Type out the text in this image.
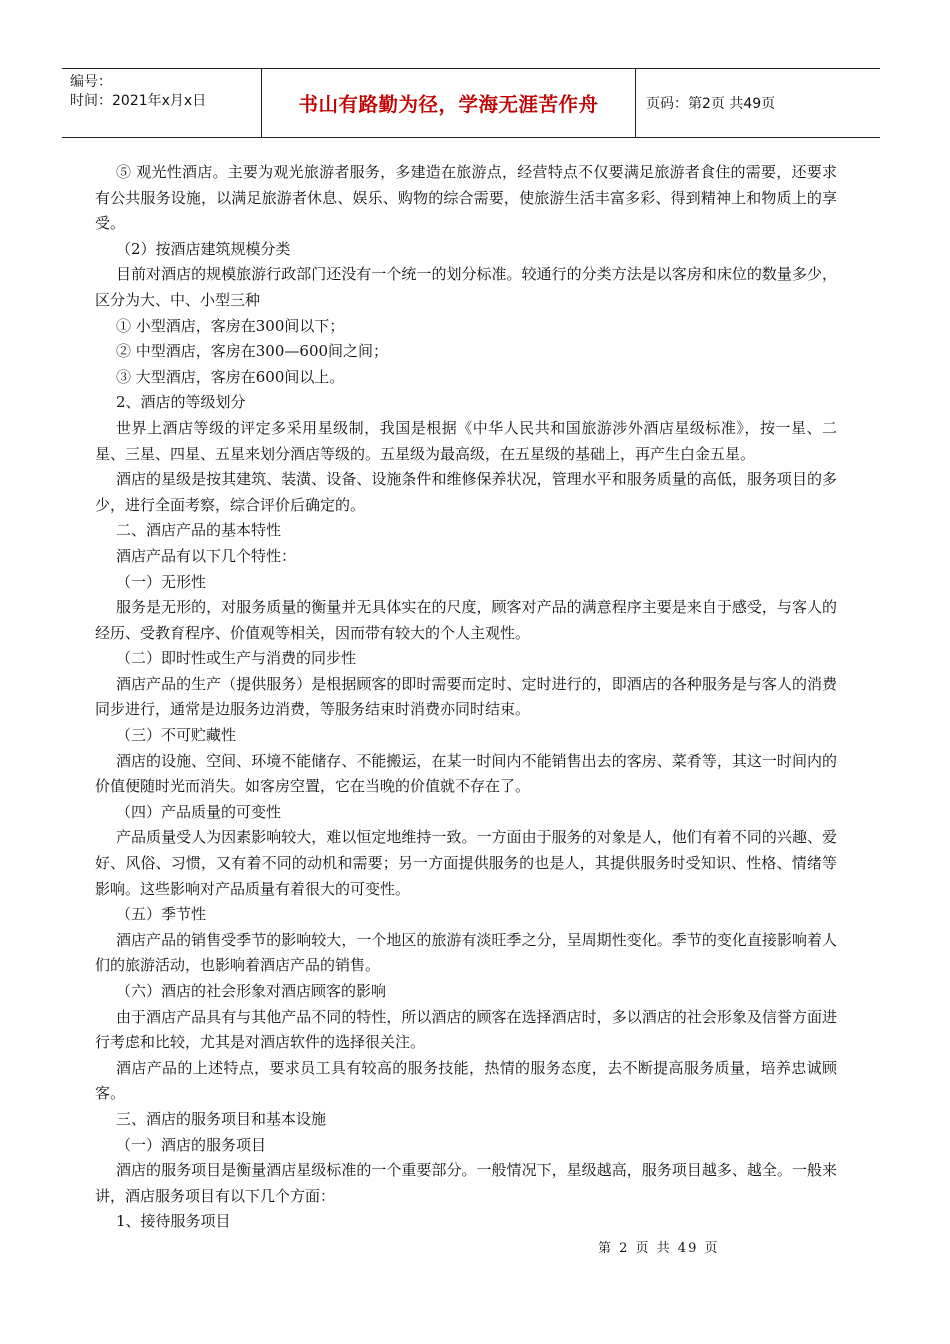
编号：
时间：2021年x月x日	书山有路勤为径，学海无涯苦作舟	页码：第2页 共49页

⑤ 观光性酒店。主要为观光旅游者服务，多建造在旅游点，经营特点不仅要满足旅游者食住的需要，还要求有公共服务设施，以满足旅游者休息、娱乐、购物的综合需要，使旅游生活丰富多彩、得到精神上和物质上的享受。

（2）按酒店建筑规模分类

目前对酒店的规模旅游行政部门还没有一个统一的划分标准。较通行的分类方法是以客房和床位的数量多少，区分为大、中、小型三种

① 小型酒店，客房在300间以下；

② 中型酒店，客房在300—600间之间；

③ 大型酒店，客房在600间以上。

2、酒店的等级划分

世界上酒店等级的评定多采用星级制，我国是根据《中华人民共和国旅游涉外酒店星级标准》，按一星、二星、三星、四星、五星来划分酒店等级的。五星级为最高级，在五星级的基础上，再产生白金五星。

酒店的星级是按其建筑、装潢、设备、设施条件和维修保养状况，管理水平和服务质量的高低，服务项目的多少，进行全面考察，综合评价后确定的。

二、酒店产品的基本特性

酒店产品有以下几个特性：

（一）无形性

服务是无形的，对服务质量的衡量并无具体实在的尺度，顾客对产品的满意程序主要是来自于感受，与客人的经历、受教育程序、价值观等相关，因而带有较大的个人主观性。

（二）即时性或生产与消费的同步性

酒店产品的生产（提供服务）是根据顾客的即时需要而定时、定时进行的，即酒店的各种服务是与客人的消费同步进行，通常是边服务边消费，等服务结束时消费亦同时结束。

（三）不可贮藏性

酒店的设施、空间、环境不能储存、不能搬运，在某一时间内不能销售出去的客房、菜肴等，其这一时间内的价值便随时光而消失。如客房空置，它在当晚的价值就不存在了。

（四）产品质量的可变性

产品质量受人为因素影响较大，难以恒定地维持一致。一方面由于服务的对象是人，他们有着不同的兴趣、爱好、风俗、习惯，又有着不同的动机和需要；另一方面提供服务的也是人，其提供服务时受知识、性格、情绪等影响。这些影响对产品质量有着很大的可变性。

（五）季节性

酒店产品的销售受季节的影响较大，一个地区的旅游有淡旺季之分，呈周期性变化。季节的变化直接影响着人们的旅游活动，也影响着酒店产品的销售。

（六）酒店的社会形象对酒店顾客的影响

由于酒店产品具有与其他产品不同的特性，所以酒店的顾客在选择酒店时，多以酒店的社会形象及信誉方面进行考虑和比较，尤其是对酒店软件的选择很关注。

酒店产品的上述特点，要求员工具有较高的服务技能，热情的服务态度，去不断提高服务质量，培养忠诚顾客。

三、酒店的服务项目和基本设施

（一）酒店的服务项目

酒店的服务项目是衡量酒店星级标准的一个重要部分。一般情况下，星级越高，服务项目越多、越全。一般来讲，酒店服务项目有以下几个方面：

1、接待服务项目

第 2 页 共 49 页
